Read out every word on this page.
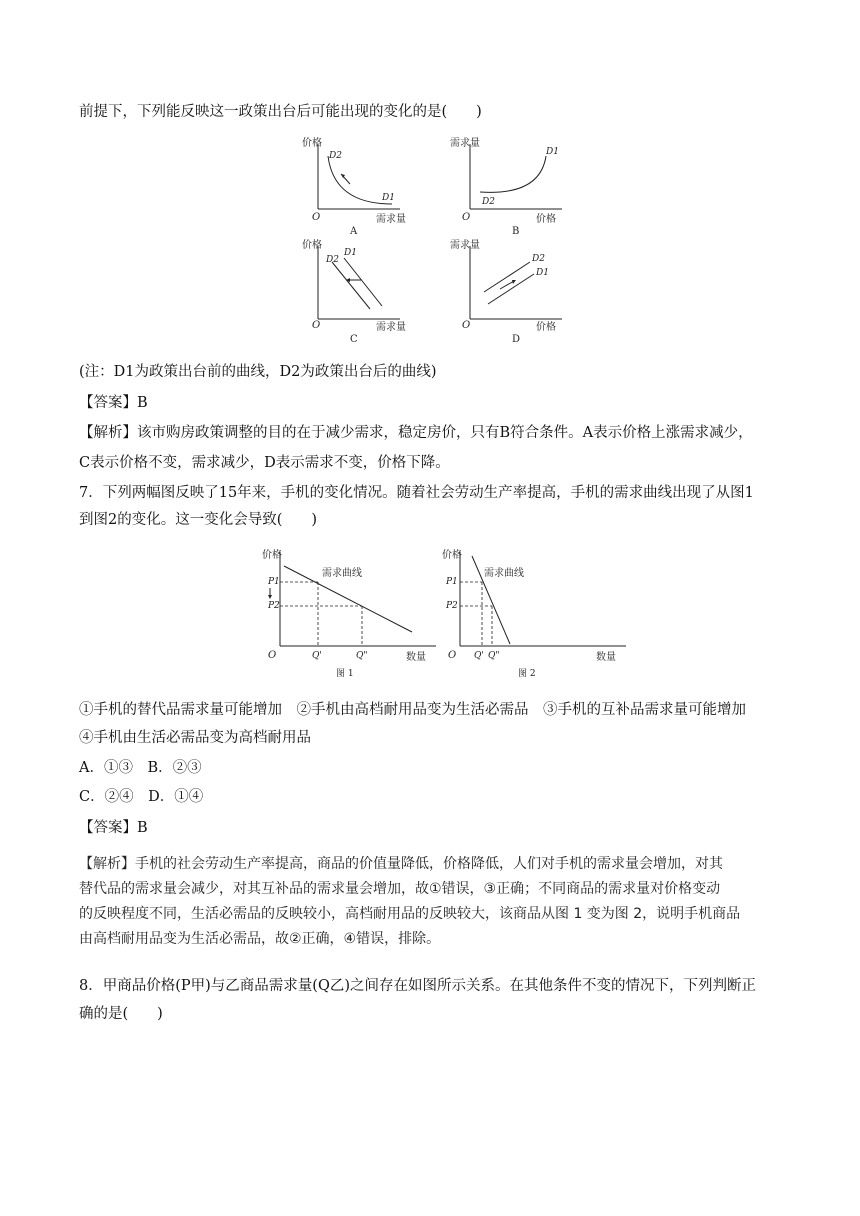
前提下，下列能反映这一政策出台后可能出现的变化的是(　　)
价格
O	需求量
D2
D1
A
需求量
O	价格
D1
D2
B
价格
O	需求量
D2
D1
C
需求量
O	价格
D2
D1
D
(注：D1为政策出台前的曲线，D2为政策出台后的曲线)
【答案】B
【解析】该市购房政策调整的目的在于减少需求，稳定房价，只有B符合条件。A表示价格上涨需求减少，
C表示价格不变，需求减少，D表示需求不变，价格下降。
7．下列两幅图反映了15年来，手机的变化情况。随着社会劳动生产率提高，手机的需求曲线出现了从图1
到图2的变化。这一变化会导致(　　)
价格
P1
P2
需求曲线
O	Q'	Q"	数量
图 1
价格
P1
P2
需求曲线
O Q' Q"	数量
图 2
①手机的替代品需求量可能增加　②手机由高档耐用品变为生活必需品　③手机的互补品需求量可能增加
④手机由生活必需品变为高档耐用品
A．①③　B．②③
C．②④　D．①④
【答案】B
【解析】手机的社会劳动生产率提高，商品的价值量降低，价格降低，人们对手机的需求量会增加，对其
替代品的需求量会减少，对其互补品的需求量会增加，故①错误，③正确；不同商品的需求量对价格变动
的反映程度不同，生活必需品的反映较小，高档耐用品的反映较大，该商品从图 1 变为图 2，说明手机商品
由高档耐用品变为生活必需品，故②正确，④错误，排除。
8．甲商品价格(P甲)与乙商品需求量(Q乙)之间存在如图所示关系。在其他条件不变的情况下，下列判断正
确的是(　　)
